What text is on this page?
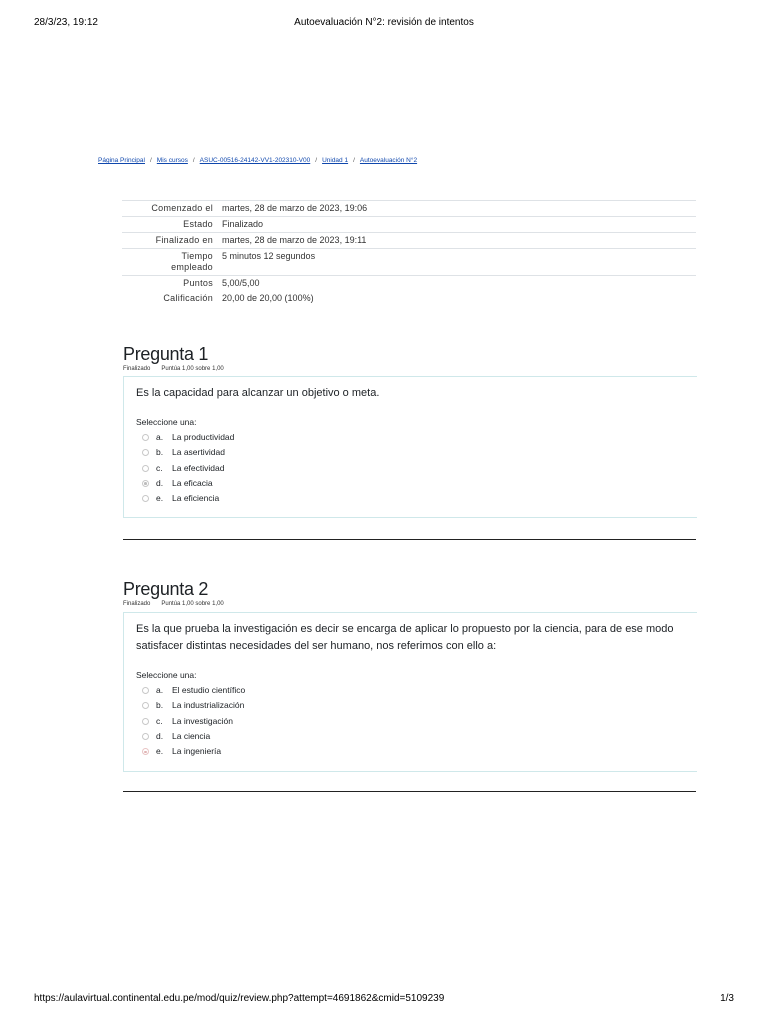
28/3/23, 19:12	Autoevaluación N°2: revisión de intentos
Página Principal / Mis cursos / ASUC-00516-24142-VV1-202310-V00 / Unidad 1 / Autoevaluación N°2
Comenzado el	martes, 28 de marzo de 2023, 19:06
Estado	Finalizado
Finalizado en	martes, 28 de marzo de 2023, 19:11
Tiempo empleado	5 minutos 12 segundos
Puntos	5,00/5,00
Calificación	20,00 de 20,00 (100%)
Pregunta 1
Finalizado Puntúa 1,00 sobre 1,00
Es la capacidad para alcanzar un objetivo o meta.
Seleccione una:
a.	La productividad
b.	La asertividad
c.	La efectividad
d.	La eficacia
e.	La eficiencia
Pregunta 2
Finalizado Puntúa 1,00 sobre 1,00
Es la que prueba la investigación es decir se encarga de aplicar lo propuesto por la ciencia, para de ese modo satisfacer distintas necesidades del ser humano, nos referimos con ello a:
Seleccione una:
a.	El estudio científico
b.	La industrialización
c.	La investigación
d.	La ciencia
e.	La ingeniería
https://aulavirtual.continental.edu.pe/mod/quiz/review.php?attempt=4691862&cmid=5109239	1/3
